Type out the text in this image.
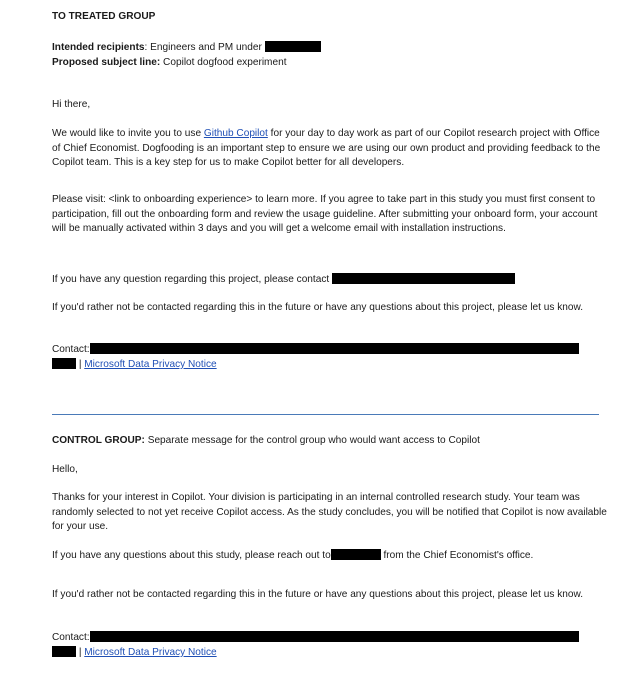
TO TREATED GROUP

Intended recipients: Engineers and PM under

Proposed subject line: Copilot dogfood experiment

Hi there,

We would like to invite you to use Github Copilot for your day to day work as part of our Copilot research project with Office of Chief Economist. Dogfooding is an important step to ensure we are using our own product and providing feedback to the Copilot team. This is a key step for us to make Copilot better for all developers.

Please visit: <link to onboarding experience> to learn more. If you agree to take part in this study you must first consent to participation, fill out the onboarding form and review the usage guideline. After submitting your onboard form, your account will be manually activated within 3 days and you will get a welcome email with installation instructions.

If you have any question regarding this project, please contact

If you'd rather not be contacted regarding this in the future or have any questions about this project, please let us know.

Contact:

| Microsoft Data Privacy Notice

CONTROL GROUP: Separate message for the control group who would want access to Copilot

Hello,

Thanks for your interest in Copilot. Your division is participating in an internal controlled research study. Your team was randomly selected to not yet receive Copilot access. As the study concludes, you will be notified that Copilot is now available for your use.

If you have any questions about this study, please reach out to	from the Chief Economist's office.

If you'd rather not be contacted regarding this in the future or have any questions about this project, please let us know.

Contact:

| Microsoft Data Privacy Notice
